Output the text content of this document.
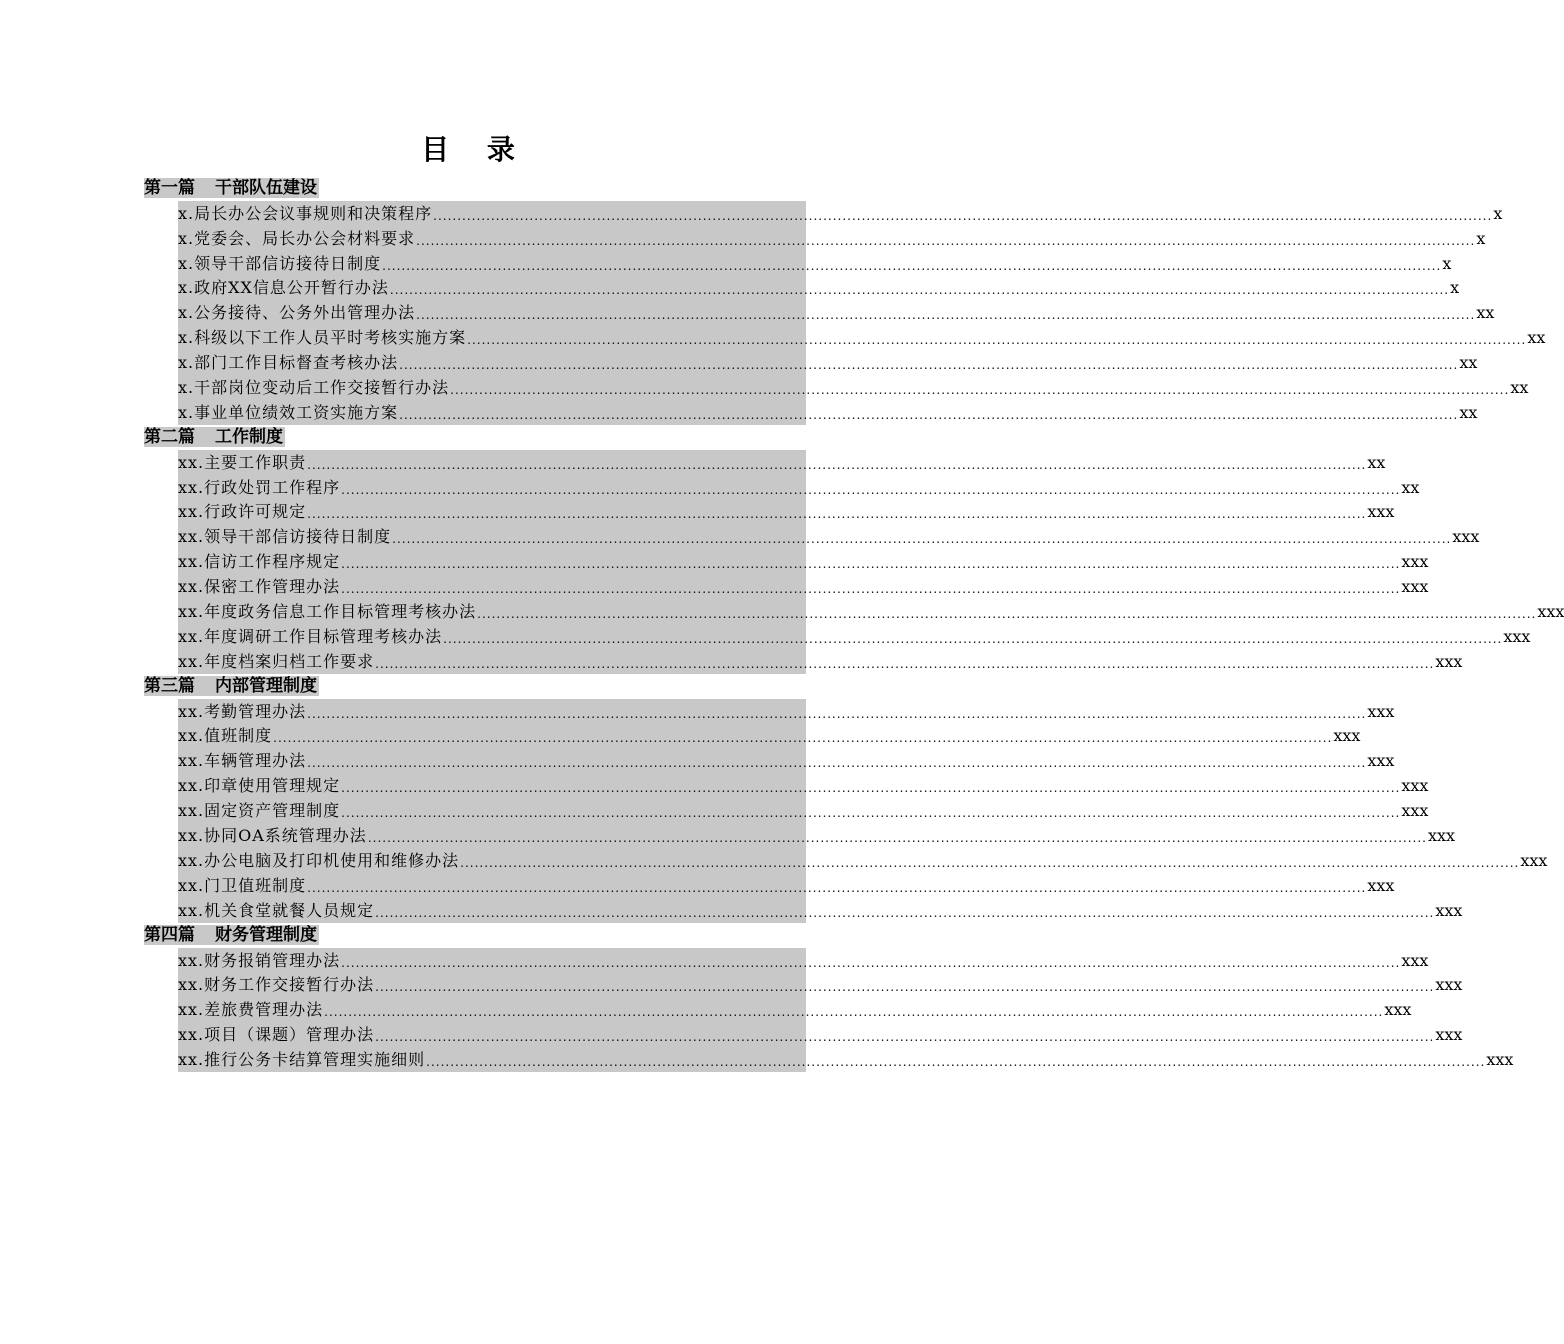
目 录
第一篇 干部队伍建设
x.局长办公会议事规则和决策程序 ............................................................................................................................................................................................................................ x
x.党委会、局长办公会材料要求 ............................................................................................................................................................................................................................ x
x.领导干部信访接待日制度 ............................................................................................................................................................................................................................ x
x.政府XX信息公开暂行办法 ............................................................................................................................................................................................................................ x
x.公务接待、公务外出管理办法 ............................................................................................................................................................................................................................ xx
x.科级以下工作人员平时考核实施方案 ............................................................................................................................................................................................................................ xx
x.部门工作目标督查考核办法 ............................................................................................................................................................................................................................ xx
x.干部岗位变动后工作交接暂行办法 ............................................................................................................................................................................................................................ xx
x.事业单位绩效工资实施方案 ............................................................................................................................................................................................................................ xx
第二篇 工作制度
xx.主要工作职责 ............................................................................................................................................................................................................................ xx
xx.行政处罚工作程序 ............................................................................................................................................................................................................................ xx
xx.行政许可规定 ............................................................................................................................................................................................................................ xxx
xx.领导干部信访接待日制度 ............................................................................................................................................................................................................................ xxx
xx.信访工作程序规定 ............................................................................................................................................................................................................................ xxx
xx.保密工作管理办法 ............................................................................................................................................................................................................................ xxx
xx.年度政务信息工作目标管理考核办法 ............................................................................................................................................................................................................................ xxx
xx.年度调研工作目标管理考核办法 ............................................................................................................................................................................................................................ xxx
xx.年度档案归档工作要求 ............................................................................................................................................................................................................................ xxx
第三篇 内部管理制度
xx.考勤管理办法 ............................................................................................................................................................................................................................ xxx
xx.值班制度 ............................................................................................................................................................................................................................ xxx
xx.车辆管理办法 ............................................................................................................................................................................................................................ xxx
xx.印章使用管理规定 ............................................................................................................................................................................................................................ xxx
xx.固定资产管理制度 ............................................................................................................................................................................................................................ xxx
xx.协同OA系统管理办法 ............................................................................................................................................................................................................................ xxx
xx.办公电脑及打印机使用和维修办法 ............................................................................................................................................................................................................................ xxx
xx.门卫值班制度 ............................................................................................................................................................................................................................ xxx
xx.机关食堂就餐人员规定 ............................................................................................................................................................................................................................ xxx
第四篇 财务管理制度
xx.财务报销管理办法 ............................................................................................................................................................................................................................ xxx
xx.财务工作交接暂行办法 ............................................................................................................................................................................................................................ xxx
xx.差旅费管理办法 ............................................................................................................................................................................................................................ xxx
xx.项目（课题）管理办法 ............................................................................................................................................................................................................................ xxx
xx.推行公务卡结算管理实施细则 ............................................................................................................................................................................................................................ xxx
